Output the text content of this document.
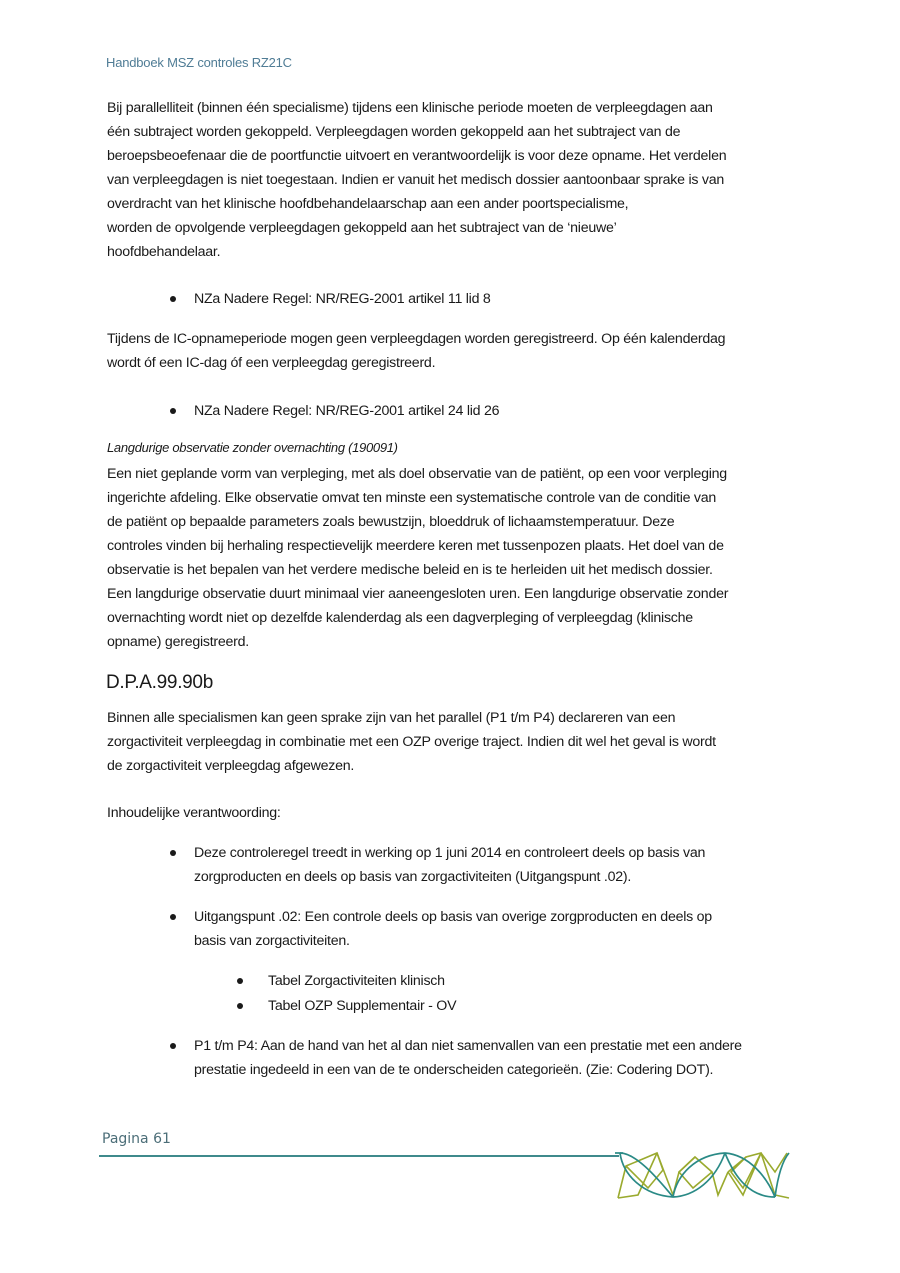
Handboek MSZ controles RZ21C
Bij parallelliteit (binnen één specialisme) tijdens een klinische periode moeten de verpleegdagen aan
één subtraject worden gekoppeld. Verpleegdagen worden gekoppeld aan het subtraject van de
beroepsbeoefenaar die de poortfunctie uitvoert en verantwoordelijk is voor deze opname. Het verdelen
van verpleegdagen is niet toegestaan. Indien er vanuit het medisch dossier aantoonbaar sprake is van
overdracht van het klinische hoofdbehandelaarschap aan een ander poortspecialisme,
worden de opvolgende verpleegdagen gekoppeld aan het subtraject van de ‘nieuwe’
hoofdbehandelaar.
NZa Nadere Regel: NR/REG-2001 artikel 11 lid 8
Tijdens de IC-opnameperiode mogen geen verpleegdagen worden geregistreerd. Op één kalenderdag
wordt óf een IC-dag óf een verpleegdag geregistreerd.
NZa Nadere Regel: NR/REG-2001 artikel 24 lid 26
Langdurige observatie zonder overnachting (190091)
Een niet geplande vorm van verpleging, met als doel observatie van de patiënt, op een voor verpleging
ingerichte afdeling. Elke observatie omvat ten minste een systematische controle van de conditie van
de patiënt op bepaalde parameters zoals bewustzijn, bloeddruk of lichaamstemperatuur. Deze
controles vinden bij herhaling respectievelijk meerdere keren met tussenpozen plaats. Het doel van de
observatie is het bepalen van het verdere medische beleid en is te herleiden uit het medisch dossier.
Een langdurige observatie duurt minimaal vier aaneengesloten uren. Een langdurige observatie zonder
overnachting wordt niet op dezelfde kalenderdag als een dagverpleging of verpleegdag (klinische
opname) geregistreerd.
D.P.A.99.90b
Binnen alle specialismen kan geen sprake zijn van het parallel (P1 t/m P4) declareren van een
zorgactiviteit verpleegdag in combinatie met een OZP overige traject. Indien dit wel het geval is wordt
de zorgactiviteit verpleegdag afgewezen.
Inhoudelijke verantwoording:
Deze controleregel treedt in werking op 1 juni 2014 en controleert deels op basis van
zorgproducten en deels op basis van zorgactiviteiten (Uitgangspunt .02).
Uitgangspunt .02: Een controle deels op basis van overige zorgproducten en deels op
basis van zorgactiviteiten.
Tabel Zorgactiviteiten klinisch
Tabel OZP Supplementair - OV
P1 t/m P4: Aan de hand van het al dan niet samenvallen van een prestatie met een andere
prestatie ingedeeld in een van de te onderscheiden categorieën. (Zie: Codering DOT).
Pagina 61
